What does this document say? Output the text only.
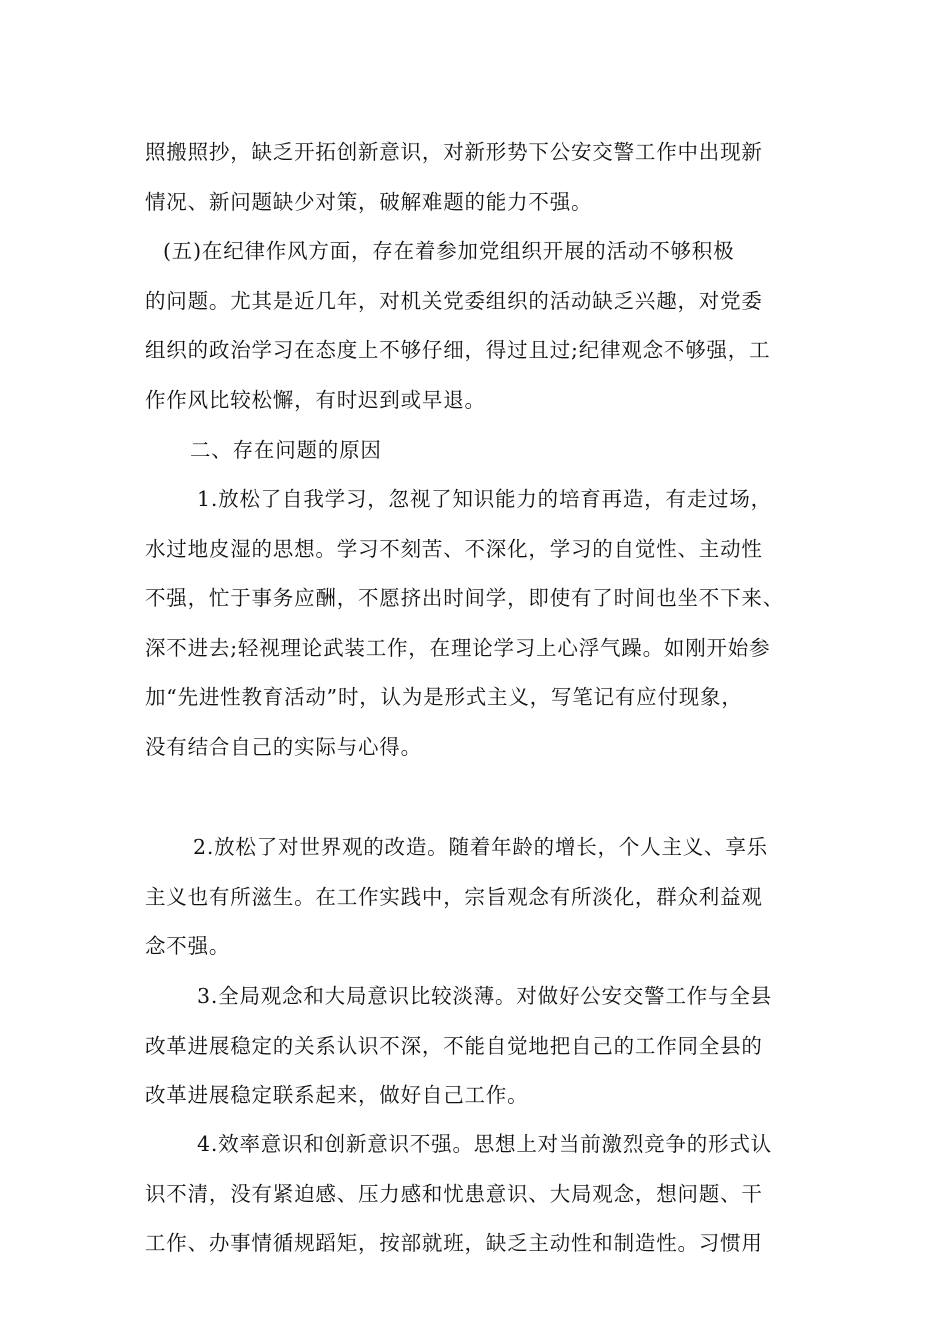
照搬照抄，缺乏开拓创新意识，对新形势下公安交警工作中出现新
情况、新问题缺少对策，破解难题的能力不强。
(五)在纪律作风方面，存在着参加党组织开展的活动不够积极
的问题。尤其是近几年，对机关党委组织的活动缺乏兴趣，对党委
组织的政治学习在态度上不够仔细，得过且过;纪律观念不够强，工
作作风比较松懈，有时迟到或早退。
二、存在问题的原因
1.放松了自我学习，忽视了知识能力的培育再造，有走过场，
水过地皮湿的思想。学习不刻苦、不深化，学习的自觉性、主动性
不强，忙于事务应酬，不愿挤出时间学，即使有了时间也坐不下来、
深不进去;轻视理论武装工作，在理论学习上心浮气躁。如刚开始参
加“先进性教育活动”时，认为是形式主义，写笔记有应付现象，
没有结合自己的实际与心得。
2.放松了对世界观的改造。随着年龄的增长，个人主义、享乐
主义也有所滋生。在工作实践中，宗旨观念有所淡化，群众利益观
念不强。
3.全局观念和大局意识比较淡薄。对做好公安交警工作与全县
改革进展稳定的关系认识不深，不能自觉地把自己的工作同全县的
改革进展稳定联系起来，做好自己工作。
4.效率意识和创新意识不强。思想上对当前激烈竞争的形式认
识不清，没有紧迫感、压力感和忧患意识、大局观念，想问题、干
工作、办事情循规蹈矩，按部就班，缺乏主动性和制造性。习惯用
